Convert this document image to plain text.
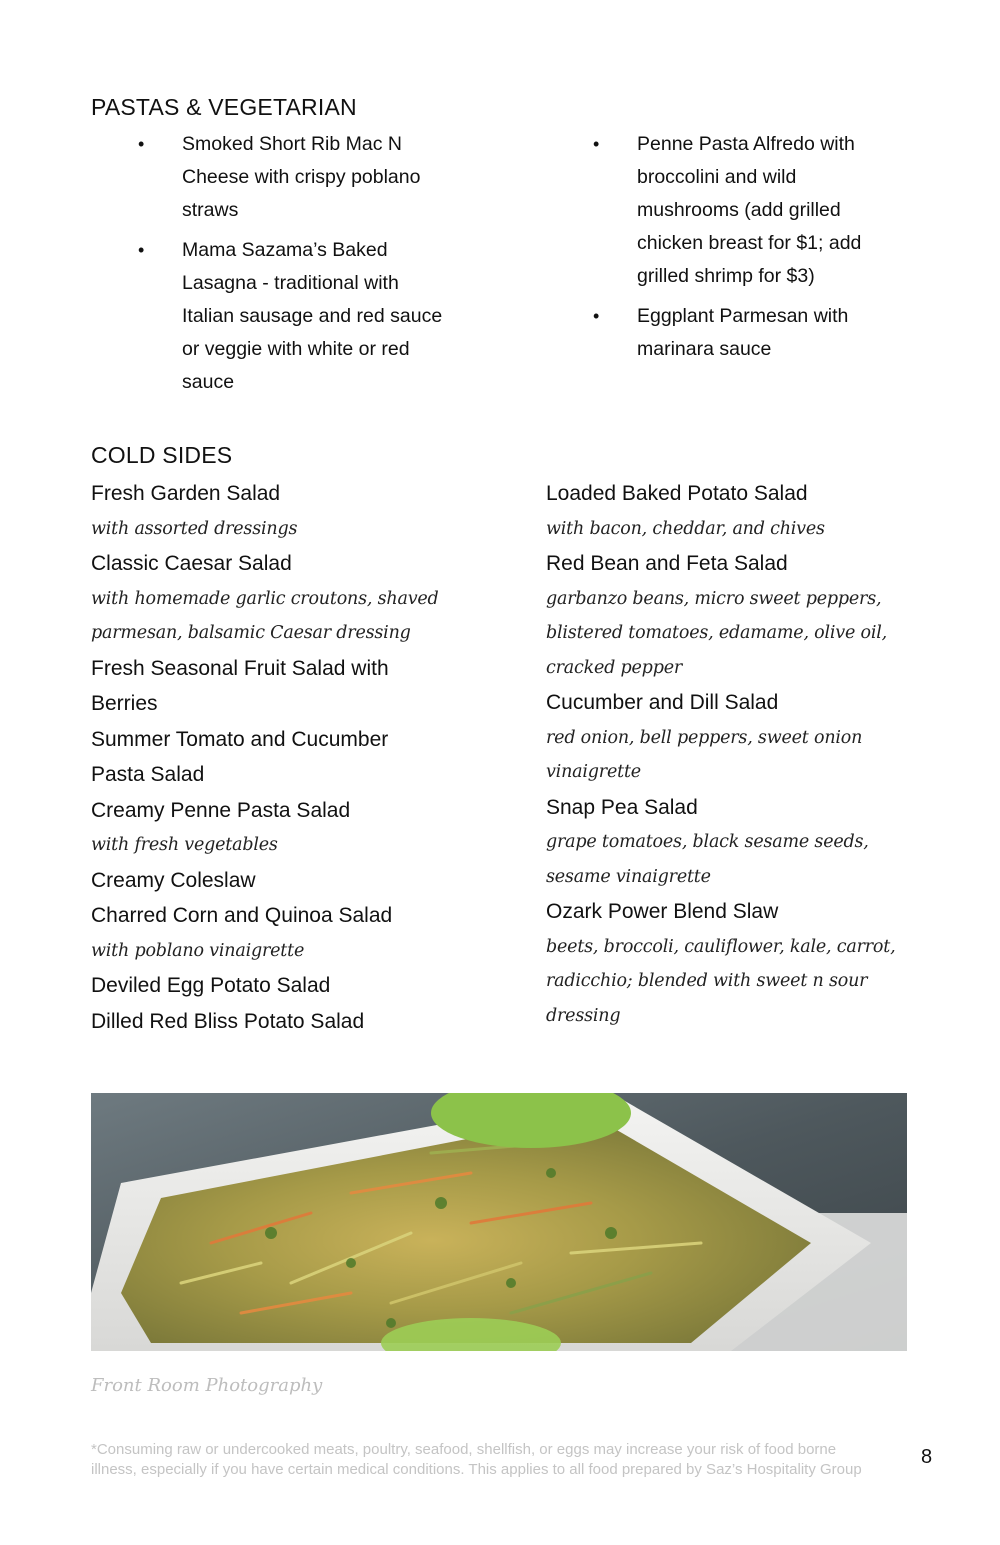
PASTAS & VEGETARIAN
• Smoked Short Rib Mac N Cheese with crispy poblano straws
• Mama Sazama’s Baked Lasagna - traditional with Italian sausage and red sauce or veggie with white or red sauce
• Penne Pasta Alfredo with broccolini and wild mushrooms (add grilled chicken breast for $1; add grilled shrimp for $3)
• Eggplant Parmesan with marinara sauce
COLD SIDES
Fresh Garden Salad
with assorted dressings
Classic Caesar Salad
with homemade garlic croutons, shaved parmesan, balsamic Caesar dressing
Fresh Seasonal Fruit Salad with Berries
Summer Tomato and Cucumber Pasta Salad
Creamy Penne Pasta Salad
with fresh vegetables
Creamy Coleslaw
Charred Corn and Quinoa Salad
with poblano vinaigrette
Deviled Egg Potato Salad
Dilled Red Bliss Potato Salad
Loaded Baked Potato Salad
with bacon, cheddar, and chives
Red Bean and Feta Salad
garbanzo beans, micro sweet peppers, blistered tomatoes, edamame, olive oil, cracked pepper
Cucumber and Dill Salad
red onion, bell peppers, sweet onion vinaigrette
Snap Pea Salad
grape tomatoes, black sesame seeds, sesame vinaigrette
Ozark Power Blend Slaw
beets, broccoli, cauliflower, kale, carrot, radicchio; blended with sweet n sour dressing
Front Room Photography
*Consuming raw or undercooked meats, poultry, seafood, shellfish, or eggs may increase your risk of food borne illness, especially if you have certain medical conditions. This applies to all food prepared by Saz’s Hospitality Group
8
